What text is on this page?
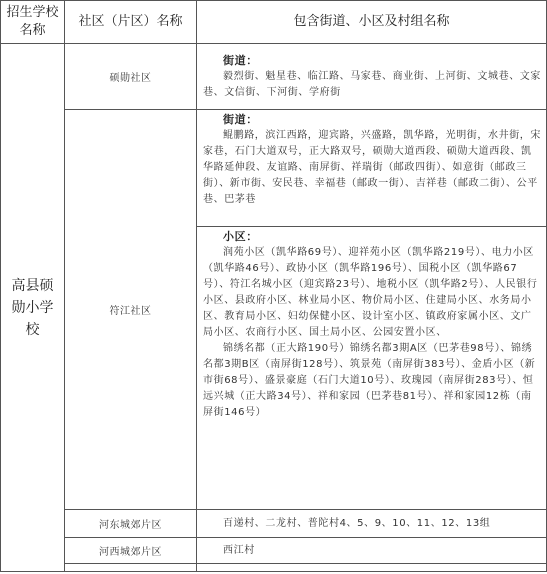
招生学校名称	社区（片区）名称	包含街道、小区及村组名称

高县硕勋小学校	硕勋社区	街道：
毅烈街、魁星巷、临江路、马家巷、商业街、上河街、文城巷、文家巷、文信街、下河街、学府街

	符江社区	街道：
鲲鹏路，滨江西路，迎宾路，兴盛路，凯华路，光明街，水井街，宋家巷，石门大道双号，正大路双号，硕勋大道西段、硕勋大道西段、凯华路延伸段、友谊路、南屏街、祥瑞街（邮政四街）、如意街（邮政三街）、新市街、安民巷、幸福巷（邮政一街）、吉祥巷（邮政二街）、公平巷、巴茅巷
小区：
润苑小区（凯华路69号）、迎祥苑小区（凯华路219号）、电力小区（凯华路46号）、政协小区（凯华路196号）、国税小区（凯华路67号）、符江名城小区（迎宾路23号）、地税小区（凯华路2号）、人民银行小区、县政府小区、林业局小区、物价局小区、住建局小区、水务局小区、教育局小区、妇幼保健小区、设计室小区、镇政府家属小区、文广局小区、农商行小区、国土局小区、公园安置小区、
锦绣名都（正大路190号）锦绣名都3期A区（巴茅巷98号）、锦绣名都3期B区（南屏街128号）、筑景苑（南屏街383号）、金盾小区（新市街68号）、盛景豪庭（石门大道10号）、玫瑰园（南屏街283号）、恒远兴城（正大路34号）、祥和家园（巴茅巷81号）、祥和家园12栋（南屏街146号）

	河东城郊片区	百递村、二龙村、普陀村4、5、9、10、11、12、13组
	河西城郊片区	西江村
